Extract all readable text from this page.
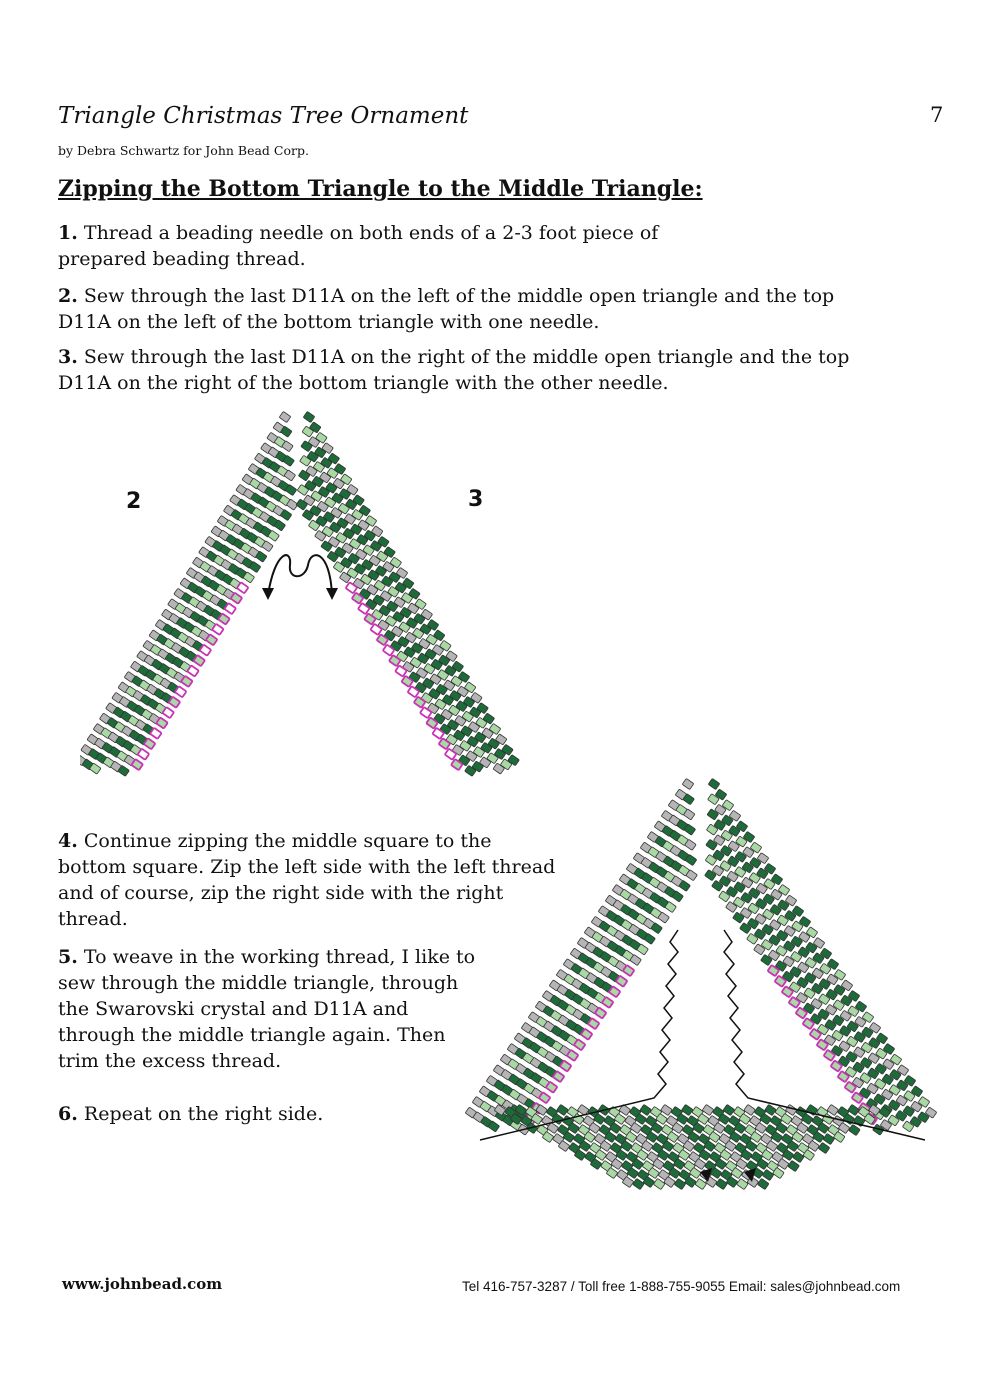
Triangle Christmas Tree Ornament	7
by Debra Schwartz for John Bead Corp.
Zipping the Bottom Triangle to the Middle Triangle:
1. Thread a beading needle on both ends of a 2-3 foot piece of
prepared beading thread.
2. Sew through the last D11A on the left of the middle open triangle and the top
D11A on the left of the bottom triangle with one needle.
3. Sew through the last D11A on the right of the middle open triangle and the top
D11A on the right of the bottom triangle with the other needle.
2	3
4. Continue zipping the middle square to the
bottom square. Zip the left side with the left thread
and of course, zip the right side with the right
thread.
5. To weave in the working thread, I like to
sew through the middle triangle, through
the Swarovski crystal and D11A and
through the middle triangle again. Then
trim the excess thread.
6. Repeat on the right side.
www.johnbead.com	Tel 416-757-3287 / Toll free 1-888-755-9055 Email: sales@johnbead.com
